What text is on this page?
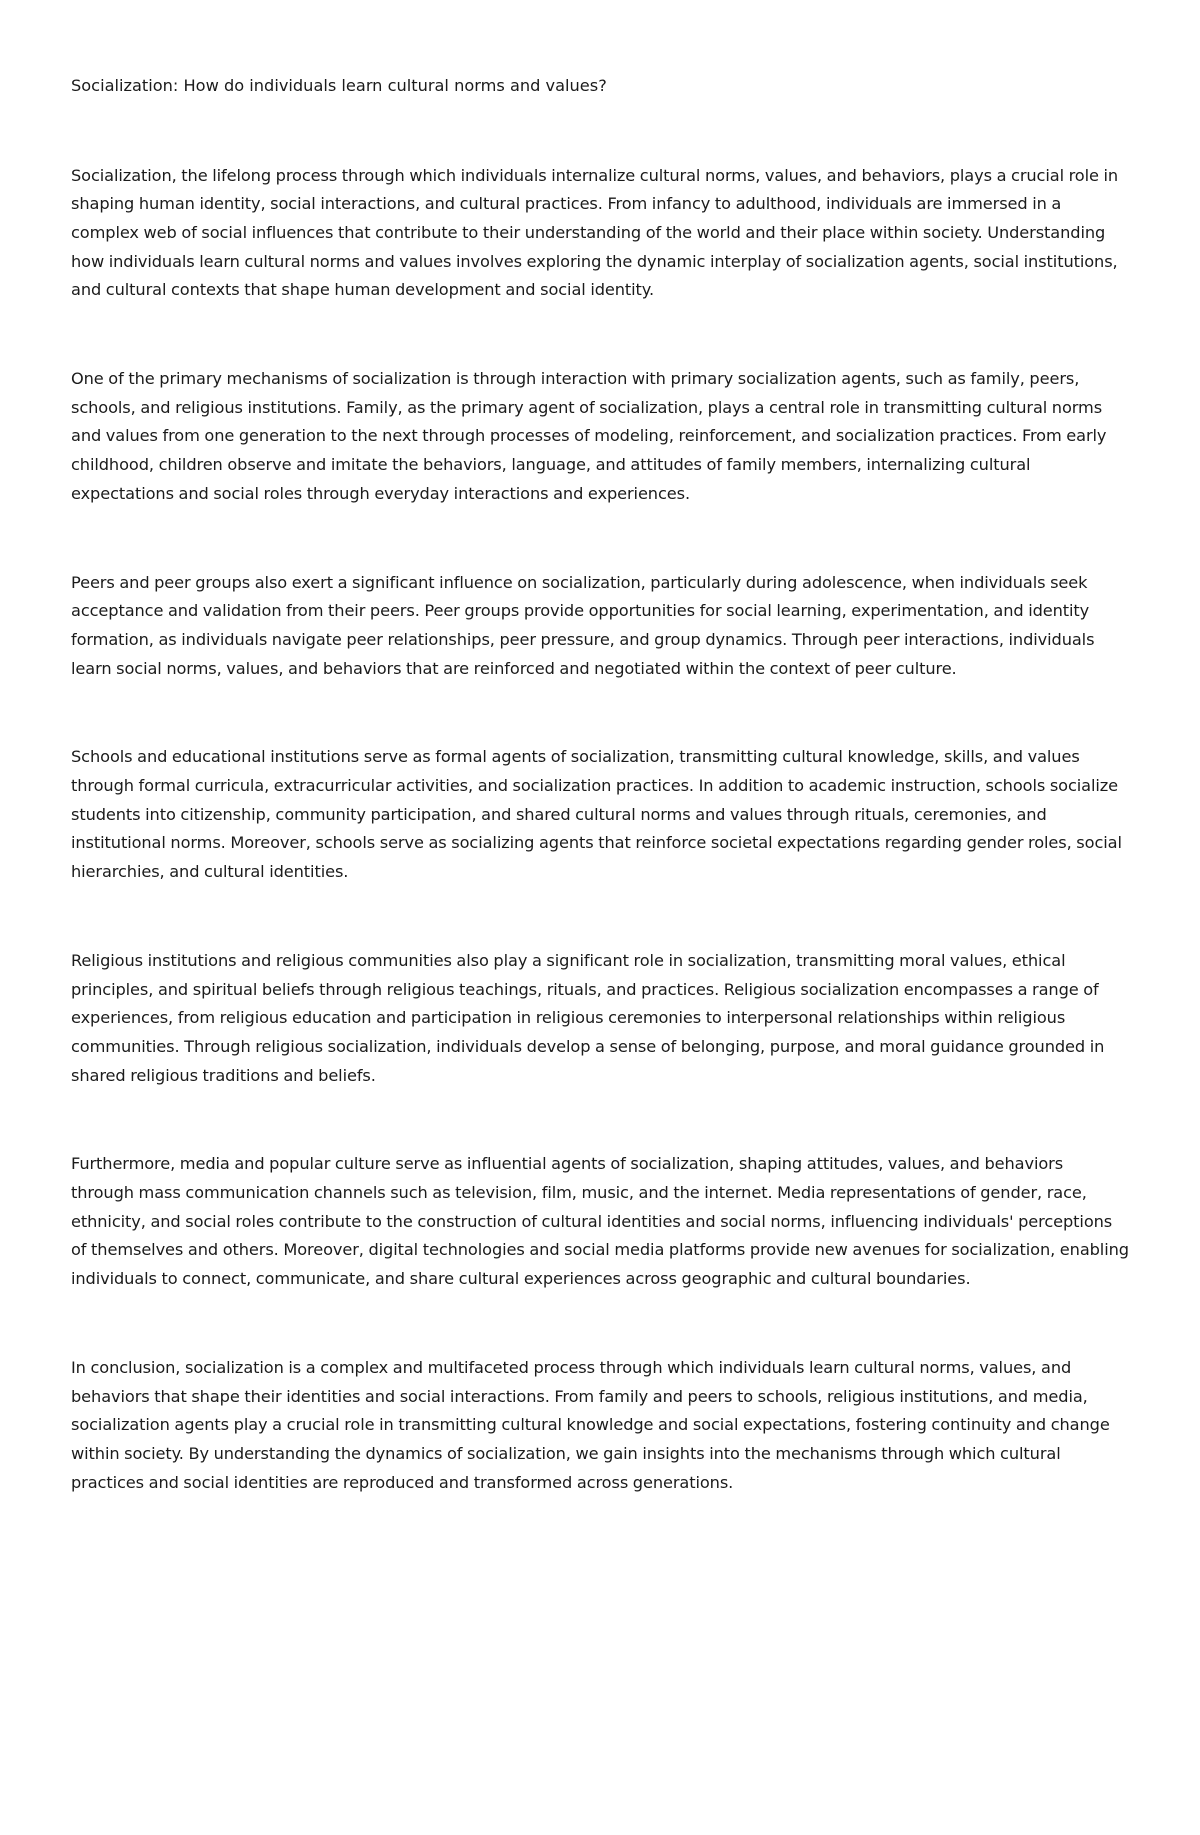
Socialization: How do individuals learn cultural norms and values?

Socialization, the lifelong process through which individuals internalize cultural norms, values, and behaviors, plays a crucial role in shaping human identity, social interactions, and cultural practices. From infancy to adulthood, individuals are immersed in a complex web of social influences that contribute to their understanding of the world and their place within society. Understanding how individuals learn cultural norms and values involves exploring the dynamic interplay of socialization agents, social institutions, and cultural contexts that shape human development and social identity.

One of the primary mechanisms of socialization is through interaction with primary socialization agents, such as family, peers, schools, and religious institutions. Family, as the primary agent of socialization, plays a central role in transmitting cultural norms and values from one generation to the next through processes of modeling, reinforcement, and socialization practices. From early childhood, children observe and imitate the behaviors, language, and attitudes of family members, internalizing cultural expectations and social roles through everyday interactions and experiences.

Peers and peer groups also exert a significant influence on socialization, particularly during adolescence, when individuals seek acceptance and validation from their peers. Peer groups provide opportunities for social learning, experimentation, and identity formation, as individuals navigate peer relationships, peer pressure, and group dynamics. Through peer interactions, individuals learn social norms, values, and behaviors that are reinforced and negotiated within the context of peer culture.

Schools and educational institutions serve as formal agents of socialization, transmitting cultural knowledge, skills, and values through formal curricula, extracurricular activities, and socialization practices. In addition to academic instruction, schools socialize students into citizenship, community participation, and shared cultural norms and values through rituals, ceremonies, and institutional norms. Moreover, schools serve as socializing agents that reinforce societal expectations regarding gender roles, social hierarchies, and cultural identities.

Religious institutions and religious communities also play a significant role in socialization, transmitting moral values, ethical principles, and spiritual beliefs through religious teachings, rituals, and practices. Religious socialization encompasses a range of experiences, from religious education and participation in religious ceremonies to interpersonal relationships within religious communities. Through religious socialization, individuals develop a sense of belonging, purpose, and moral guidance grounded in shared religious traditions and beliefs.

Furthermore, media and popular culture serve as influential agents of socialization, shaping attitudes, values, and behaviors through mass communication channels such as television, film, music, and the internet. Media representations of gender, race, ethnicity, and social roles contribute to the construction of cultural identities and social norms, influencing individuals' perceptions of themselves and others. Moreover, digital technologies and social media platforms provide new avenues for socialization, enabling individuals to connect, communicate, and share cultural experiences across geographic and cultural boundaries.

In conclusion, socialization is a complex and multifaceted process through which individuals learn cultural norms, values, and behaviors that shape their identities and social interactions. From family and peers to schools, religious institutions, and media, socialization agents play a crucial role in transmitting cultural knowledge and social expectations, fostering continuity and change within society. By understanding the dynamics of socialization, we gain insights into the mechanisms through which cultural practices and social identities are reproduced and transformed across generations.
